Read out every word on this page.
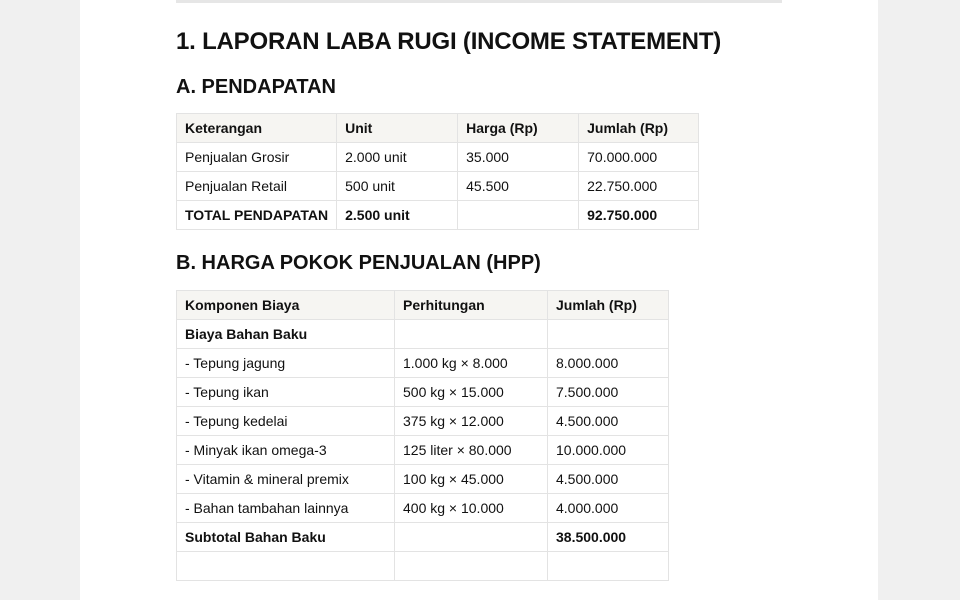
1. LAPORAN LABA RUGI (INCOME STATEMENT)
A. PENDAPATAN
Keterangan	Unit	Harga (Rp)	Jumlah (Rp)
Penjualan Grosir	2.000 unit	35.000	70.000.000
Penjualan Retail	500 unit	45.500	22.750.000
TOTAL PENDAPATAN	2.500 unit		92.750.000
B. HARGA POKOK PENJUALAN (HPP)
Komponen Biaya	Perhitungan	Jumlah (Rp)
Biaya Bahan Baku		
- Tepung jagung	1.000 kg × 8.000	8.000.000
- Tepung ikan	500 kg × 15.000	7.500.000
- Tepung kedelai	375 kg × 12.000	4.500.000
- Minyak ikan omega-3	125 liter × 80.000	10.000.000
- Vitamin & mineral premix	100 kg × 45.000	4.500.000
- Bahan tambahan lainnya	400 kg × 10.000	4.000.000
Subtotal Bahan Baku		38.500.000
